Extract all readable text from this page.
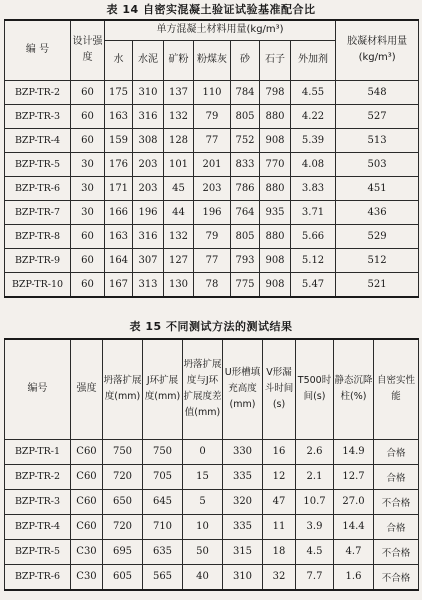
表 14 自密实混凝土验证试验基准配合比
编 号	设计强度	单方混凝土材料用量(kg/m³)							胶凝材料用量(kg/m³)
		水	水泥	矿粉	粉煤灰	砂	石子	外加剂	
BZP-TR-2	60	175	310	137	110	784	798	4.55	548
BZP-TR-3	60	163	316	132	79	805	880	4.22	527
BZP-TR-4	60	159	308	128	77	752	908	5.39	513
BZP-TR-5	30	176	203	101	201	833	770	4.08	503
BZP-TR-6	30	171	203	45	203	786	880	3.83	451
BZP-TR-7	30	166	196	44	196	764	935	3.71	436
BZP-TR-8	60	163	316	132	79	805	880	5.66	529
BZP-TR-9	60	164	307	127	77	793	908	5.12	512
BZP-TR-10	60	167	313	130	78	775	908	5.47	521
表 15 不同测试方法的测试结果
编号	强度	坍落扩展度(mm)	J环扩展度(mm)	坍落扩展度与J环扩展度差值(mm)	U形槽填充高度(mm)	V形漏斗时间(s)	T500时间(s)	静态沉降柱(%)	自密实性能
BZP-TR-1	C60	750	750	0	330	16	2.6	14.9	合格
BZP-TR-2	C60	720	705	15	335	12	2.1	12.7	合格
BZP-TR-3	C60	650	645	5	320	47	10.7	27.0	不合格
BZP-TR-4	C60	720	710	10	335	11	3.9	14.4	合格
BZP-TR-5	C30	695	635	50	315	18	4.5	4.7	不合格
BZP-TR-6	C30	605	565	40	310	32	7.7	1.6	不合格
